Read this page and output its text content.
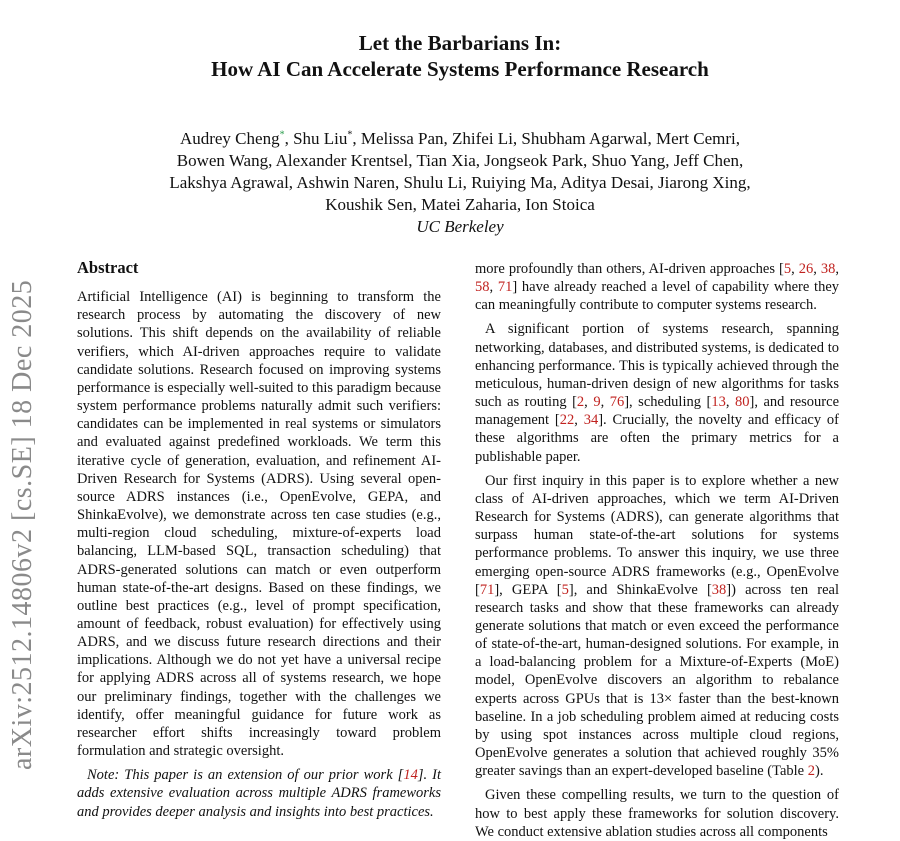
arXiv:2512.14806v2 [cs.SE] 18 Dec 2025
Let the Barbarians In:
How AI Can Accelerate Systems Performance Research
Audrey Cheng*, Shu Liu*, Melissa Pan, Zhifei Li, Shubham Agarwal, Mert Cemri,
Bowen Wang, Alexander Krentsel, Tian Xia, Jongseok Park, Shuo Yang, Jeff Chen,
Lakshya Agrawal, Ashwin Naren, Shulu Li, Ruiying Ma, Aditya Desai, Jiarong Xing,
Koushik Sen, Matei Zaharia, Ion Stoica
UC Berkeley
Abstract

Artificial Intelligence (AI) is beginning to transform the research process by automating the discovery of new solutions. This shift depends on the availability of reliable verifiers, which AI-driven approaches require to validate candidate solutions. Research focused on improving systems performance is especially well-suited to this paradigm because system performance problems naturally admit such verifiers: candidates can be implemented in real systems or simulators and evaluated against predefined workloads. We term this iterative cycle of generation, evaluation, and refinement AI-Driven Research for Systems (ADRS). Using several open-source ADRS instances (i.e., OpenEvolve, GEPA, and ShinkaEvolve), we demonstrate across ten case studies (e.g., multi-region cloud scheduling, mixture-of-experts load balancing, LLM-based SQL, transaction scheduling) that ADRS-generated solutions can match or even outperform human state-of-the-art designs. Based on these findings, we outline best practices (e.g., level of prompt specification, amount of feedback, robust evaluation) for effectively using ADRS, and we discuss future research directions and their implications. Although we do not yet have a universal recipe for applying ADRS across all of systems research, we hope our preliminary findings, together with the challenges we identify, offer meaningful guidance for future work as researcher effort shifts increasingly toward problem formulation and strategic oversight.

Note: This paper is an extension of our prior work [14]. It adds extensive evaluation across multiple ADRS frameworks and provides deeper analysis and insights into best practices.

more profoundly than others, AI-driven approaches [5, 26, 38, 58, 71] have already reached a level of capability where they can meaningfully contribute to computer systems research.

A significant portion of systems research, spanning networking, databases, and distributed systems, is dedicated to enhancing performance. This is typically achieved through the meticulous, human-driven design of new algorithms for tasks such as routing [2, 9, 76], scheduling [13, 80], and resource management [22, 34]. Crucially, the novelty and efficacy of these algorithms are often the primary metrics for a publishable paper.

Our first inquiry in this paper is to explore whether a new class of AI-driven approaches, which we term AI-Driven Research for Systems (ADRS), can generate algorithms that surpass human state-of-the-art solutions for systems performance problems. To answer this inquiry, we use three emerging open-source ADRS frameworks (e.g., OpenEvolve [71], GEPA [5], and ShinkaEvolve [38]) across ten real research tasks and show that these frameworks can already generate solutions that match or even exceed the performance of state-of-the-art, human-designed solutions. For example, in a load-balancing problem for a Mixture-of-Experts (MoE) model, OpenEvolve discovers an algorithm to rebalance experts across GPUs that is 13× faster than the best-known baseline. In a job scheduling problem aimed at reducing costs by using spot instances across multiple cloud regions, OpenEvolve generates a solution that achieved roughly 35% greater savings than an expert-developed baseline (Table 2).

Given these compelling results, we turn to the question of how to best apply these frameworks for solution discovery. We conduct extensive ablation studies across all components
